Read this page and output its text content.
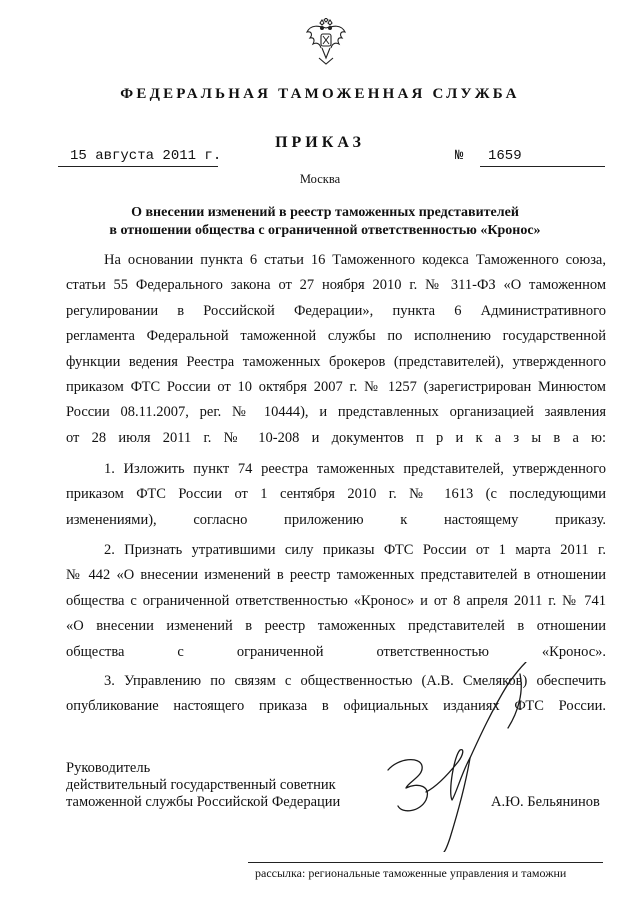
ФЕДЕРАЛЬНАЯ ТАМОЖЕННАЯ СЛУЖБА
ПРИКАЗ
15 августа 2011 г.	№ 1659
Москва
О внесении изменений в реестр таможенных представителей
в отношении общества с ограниченной ответственностью «Кронос»
На основании пункта 6 статьи 16 Таможенного кодекса Таможенного союза,
статьи 55 Федерального закона от 27 ноября 2010 г. № 311-ФЗ «О таможенном
регулировании в Российской Федерации», пункта 6 Административного
регламента Федеральной таможенной службы по исполнению государственной
функции ведения Реестра таможенных брокеров (представителей), утвержденного
приказом ФТС России от 10 октября 2007 г. № 1257 (зарегистрирован Минюстом
России 08.11.2007, рег. № 10444), и представленных организацией заявления
от 28 июля 2011 г. № 10-208 и документов п р и к а з ы в а ю:
1. Изложить пункт 74 реестра таможенных представителей, утвержденного
приказом ФТС России от 1 сентября 2010 г. № 1613 (с последующими
изменениями), согласно приложению к настоящему приказу.
2. Признать утратившими силу приказы ФТС России от 1 марта 2011 г.
№ 442 «О внесении изменений в реестр таможенных представителей в отношении
общества с ограниченной ответственностью «Кронос» и от 8 апреля 2011 г. № 741
«О внесении изменений в реестр таможенных представителей в отношении
общества с ограниченной ответственностью «Кронос».
3. Управлению по связям с общественностью (А.В. Смеляков) обеспечить
опубликование настоящего приказа в официальных изданиях ФТС России.
Руководитель
действительный государственный советник
таможенной службы Российской Федерации	А.Ю. Бельянинов
рассылка: региональные таможенные управления и таможни
